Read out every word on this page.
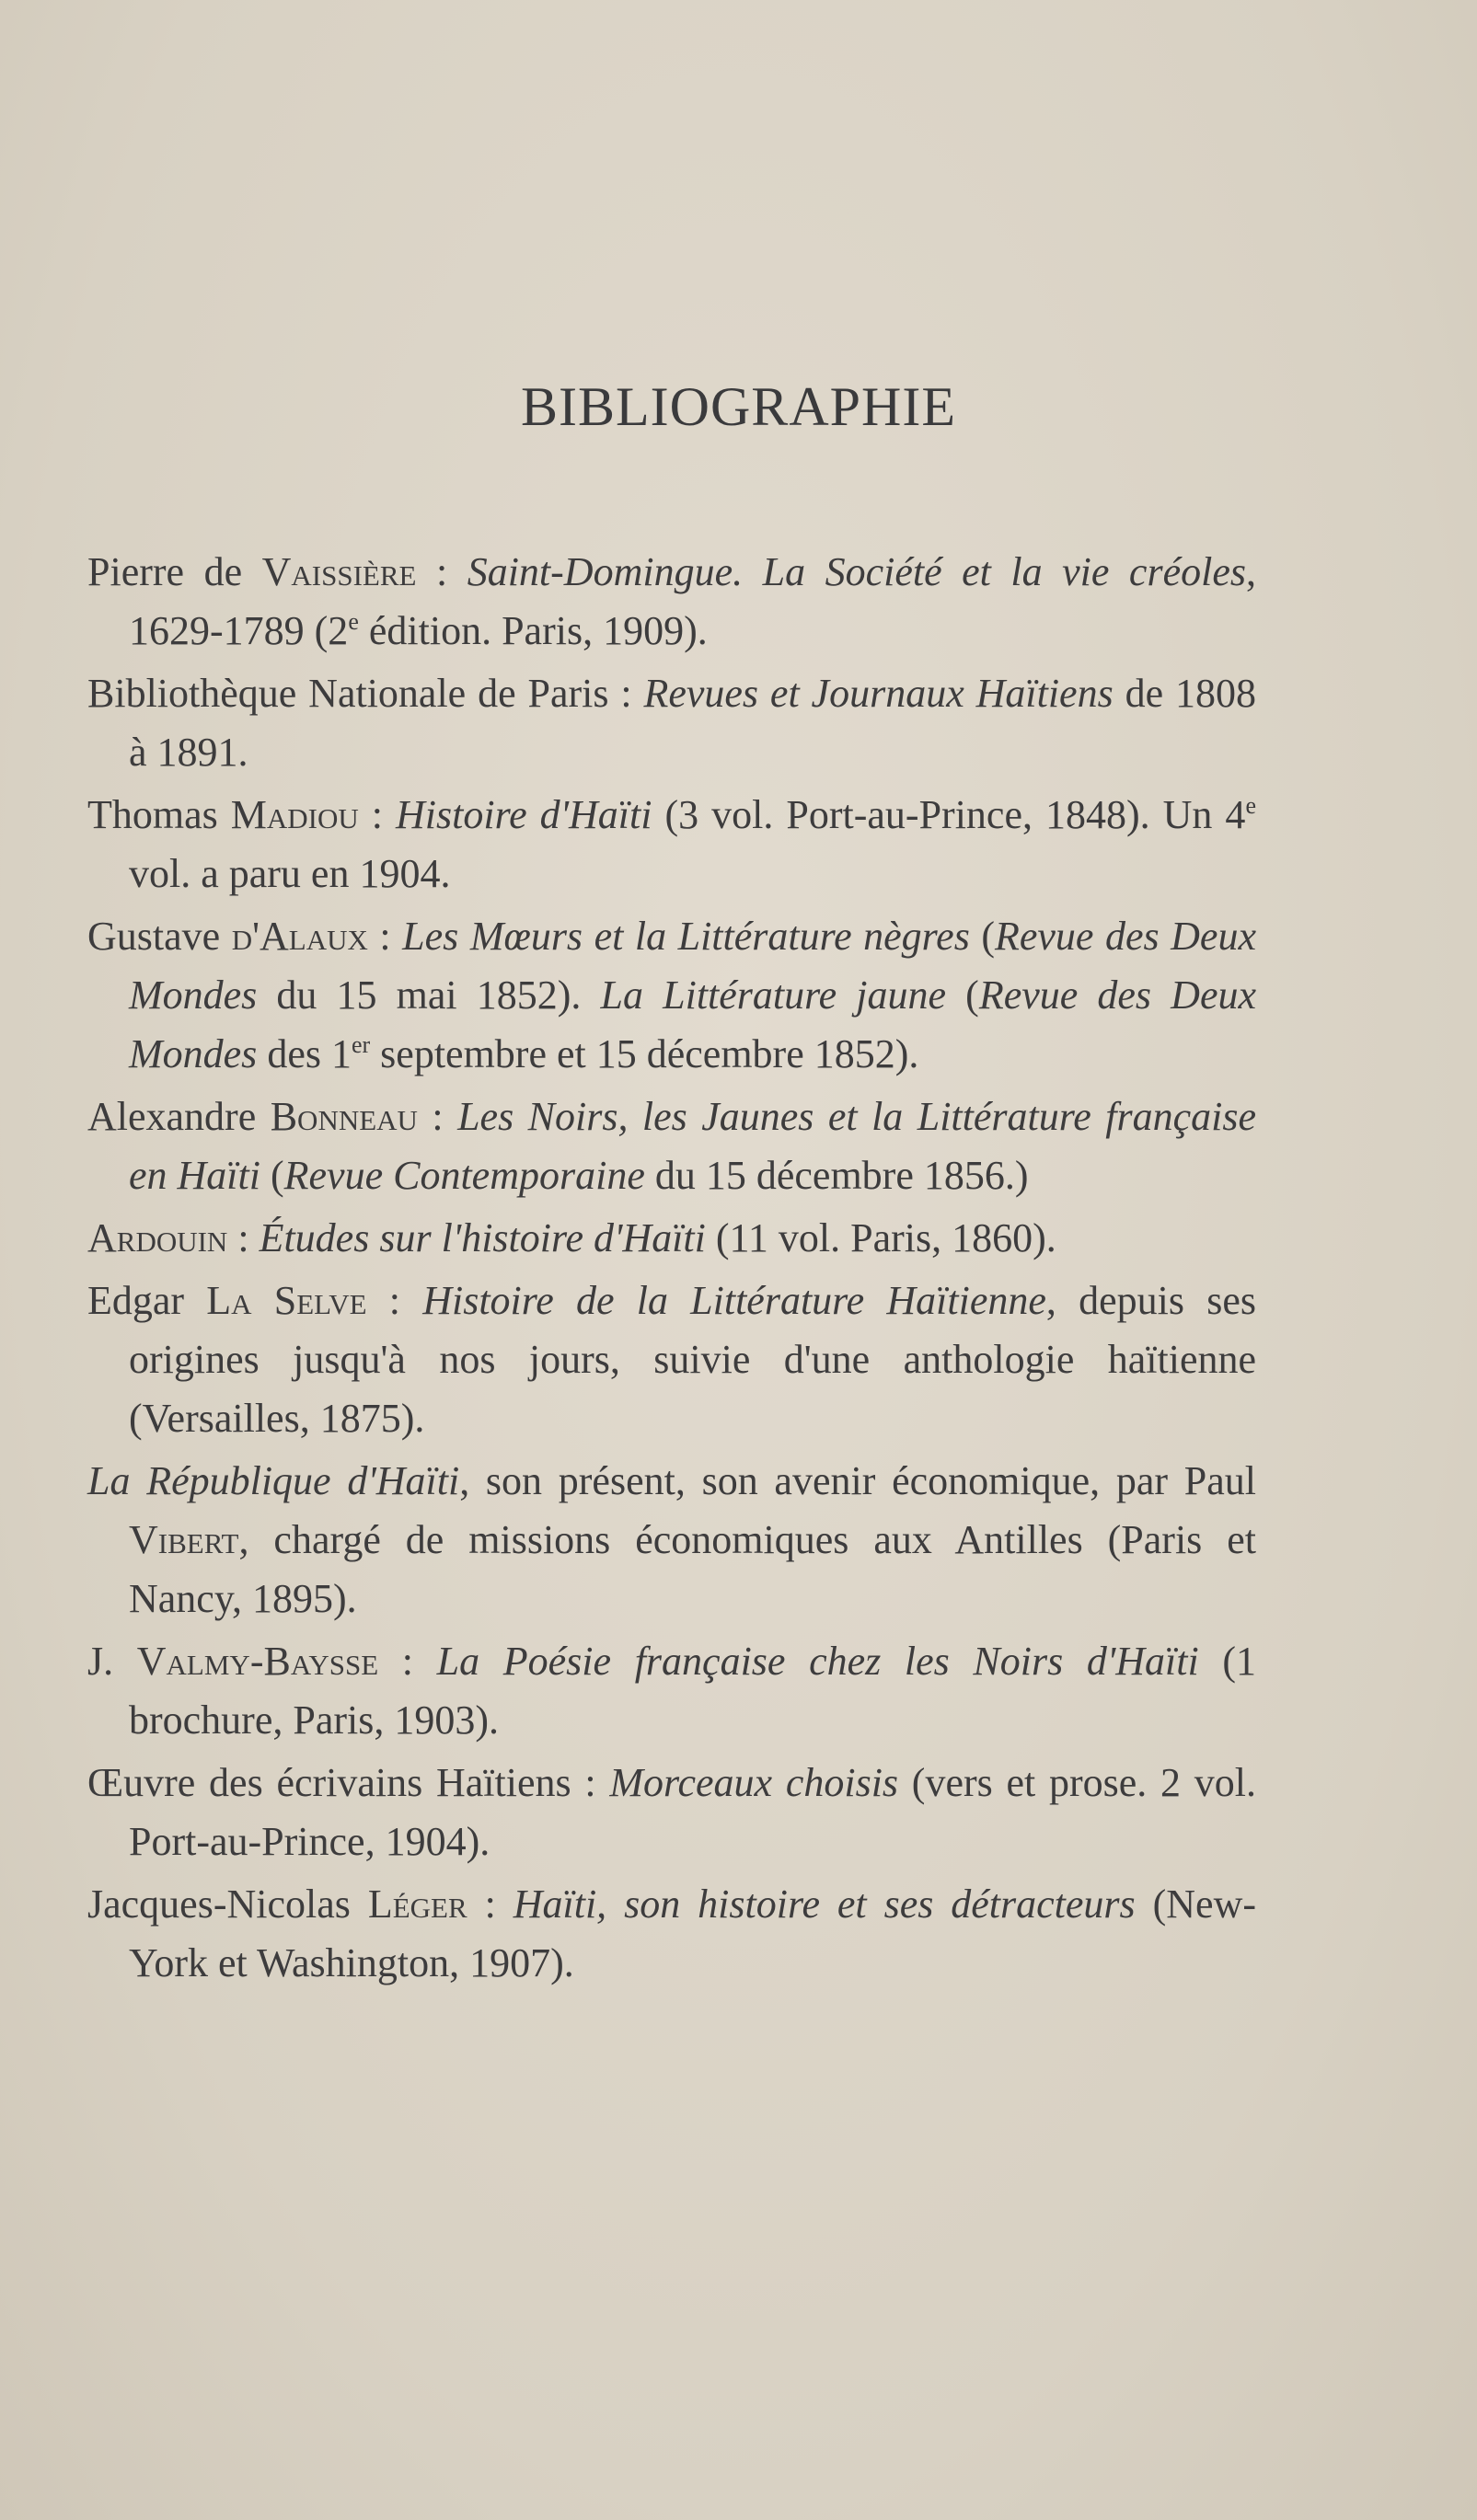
BIBLIOGRAPHIE
Pierre de Vaissière : Saint-Domingue. La Société et la vie créoles, 1629-1789 (2e édition. Paris, 1909).
Bibliothèque Nationale de Paris : Revues et Journaux Haïtiens de 1808 à 1891.
Thomas Madiou : Histoire d'Haïti (3 vol. Port-au-Prince, 1848). Un 4e vol. a paru en 1904.
Gustave d'Alaux : Les Mœurs et la Littérature nègres (Revue des Deux Mondes du 15 mai 1852). La Littérature jaune (Revue des Deux Mondes des 1er septembre et 15 décembre 1852).
Alexandre Bonneau : Les Noirs, les Jaunes et la Littérature française en Haïti (Revue Contemporaine du 15 décembre 1856.)
Ardouin : Études sur l'histoire d'Haïti (11 vol. Paris, 1860).
Edgar La Selve : Histoire de la Littérature Haïtienne, depuis ses origines jusqu'à nos jours, suivie d'une anthologie haïtienne (Versailles, 1875).
La République d'Haïti, son présent, son avenir économique, par Paul Vibert, chargé de missions économiques aux Antilles (Paris et Nancy, 1895).
J. Valmy-Baysse : La Poésie française chez les Noirs d'Haïti (1 brochure, Paris, 1903).
Œuvre des écrivains Haïtiens : Morceaux choisis (vers et prose. 2 vol. Port-au-Prince, 1904).
Jacques-Nicolas Léger : Haïti, son histoire et ses détracteurs (New-York et Washington, 1907).
